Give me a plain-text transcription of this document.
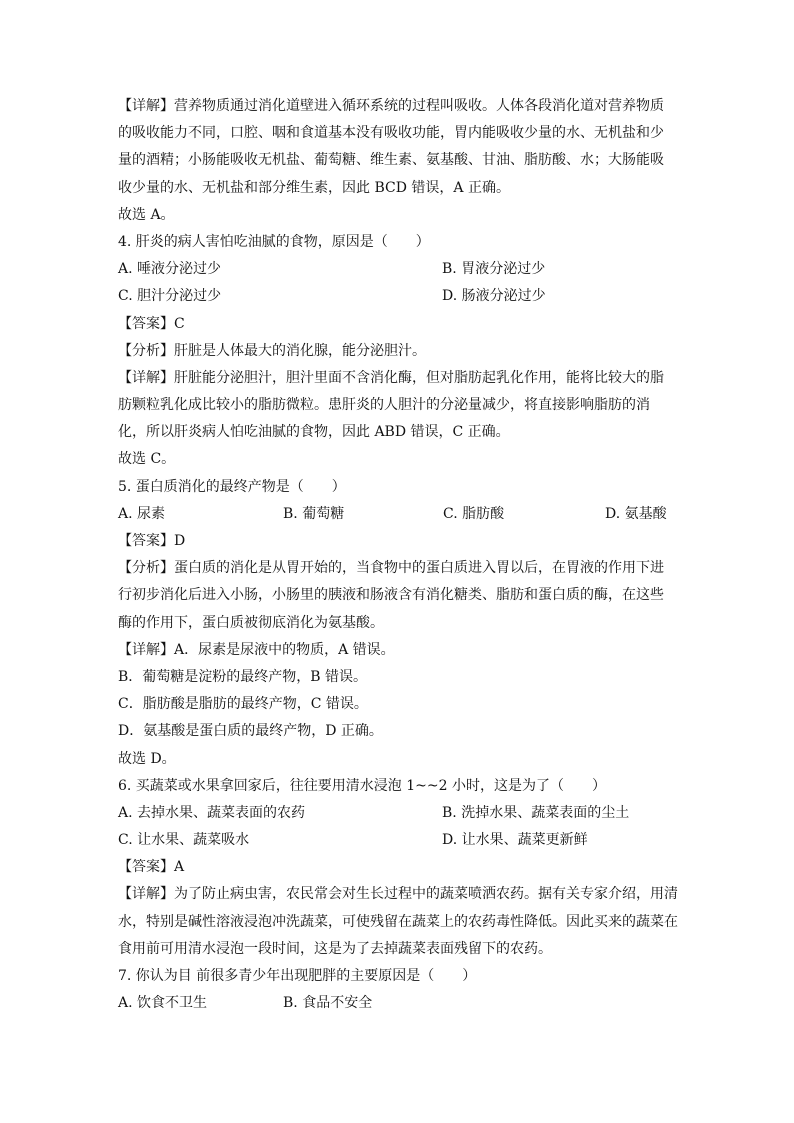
【详解】营养物质通过消化道壁进入循环系统的过程叫吸收。人体各段消化道对营养物质
的吸收能力不同，口腔、咽和食道基本没有吸收功能，胃内能吸收少量的水、无机盐和少
量的酒精；小肠能吸收无机盐、葡萄糖、维生素、氨基酸、甘油、脂肪酸、水；大肠能吸
收少量的水、无机盐和部分维生素，因此 BCD 错误，A 正确。
故选 A。
4. 肝炎的病人害怕吃油腻的食物，原因是（　　）
A. 唾液分泌过少	B. 胃液分泌过少
C. 胆汁分泌过少	D. 肠液分泌过少
【答案】C
【分析】肝脏是人体最大的消化腺，能分泌胆汁。
【详解】肝脏能分泌胆汁，胆汁里面不含消化酶，但对脂肪起乳化作用，能将比较大的脂
肪颗粒乳化成比较小的脂肪微粒。患肝炎的人胆汁的分泌量减少，将直接影响脂肪的消
化，所以肝炎病人怕吃油腻的食物，因此 ABD 错误，C 正确。
故选 C。
5. 蛋白质消化的最终产物是（　　）
A. 尿素	B. 葡萄糖	C. 脂肪酸	D. 氨基酸
【答案】D
【分析】蛋白质的消化是从胃开始的，当食物中的蛋白质进入胃以后，在胃液的作用下进
行初步消化后进入小肠，小肠里的胰液和肠液含有消化糖类、脂肪和蛋白质的酶，在这些
酶的作用下，蛋白质被彻底消化为氨基酸。
【详解】A．尿素是尿液中的物质，A 错误。
B．葡萄糖是淀粉的最终产物，B 错误。
C．脂肪酸是脂肪的最终产物，C 错误。
D．氨基酸是蛋白质的最终产物，D 正确。
故选 D。
6. 买蔬菜或水果拿回家后，往往要用清水浸泡 1~~2 小时，这是为了（　　）
A. 去掉水果、蔬菜表面的农药	B. 洗掉水果、蔬菜表面的尘土
C. 让水果、蔬菜吸水	D. 让水果、蔬菜更新鲜
【答案】A
【详解】为了防止病虫害，农民常会对生长过程中的蔬菜喷洒农药。据有关专家介绍，用清
水，特别是碱性溶液浸泡冲洗蔬菜，可使残留在蔬菜上的农药毒性降低。因此买来的蔬菜在
食用前可用清水浸泡一段时间，这是为了去掉蔬菜表面残留下的农药。
7. 你认为目 前很多青少年出现肥胖的主要原因是（　　）
A. 饮食不卫生	B. 食品不安全
